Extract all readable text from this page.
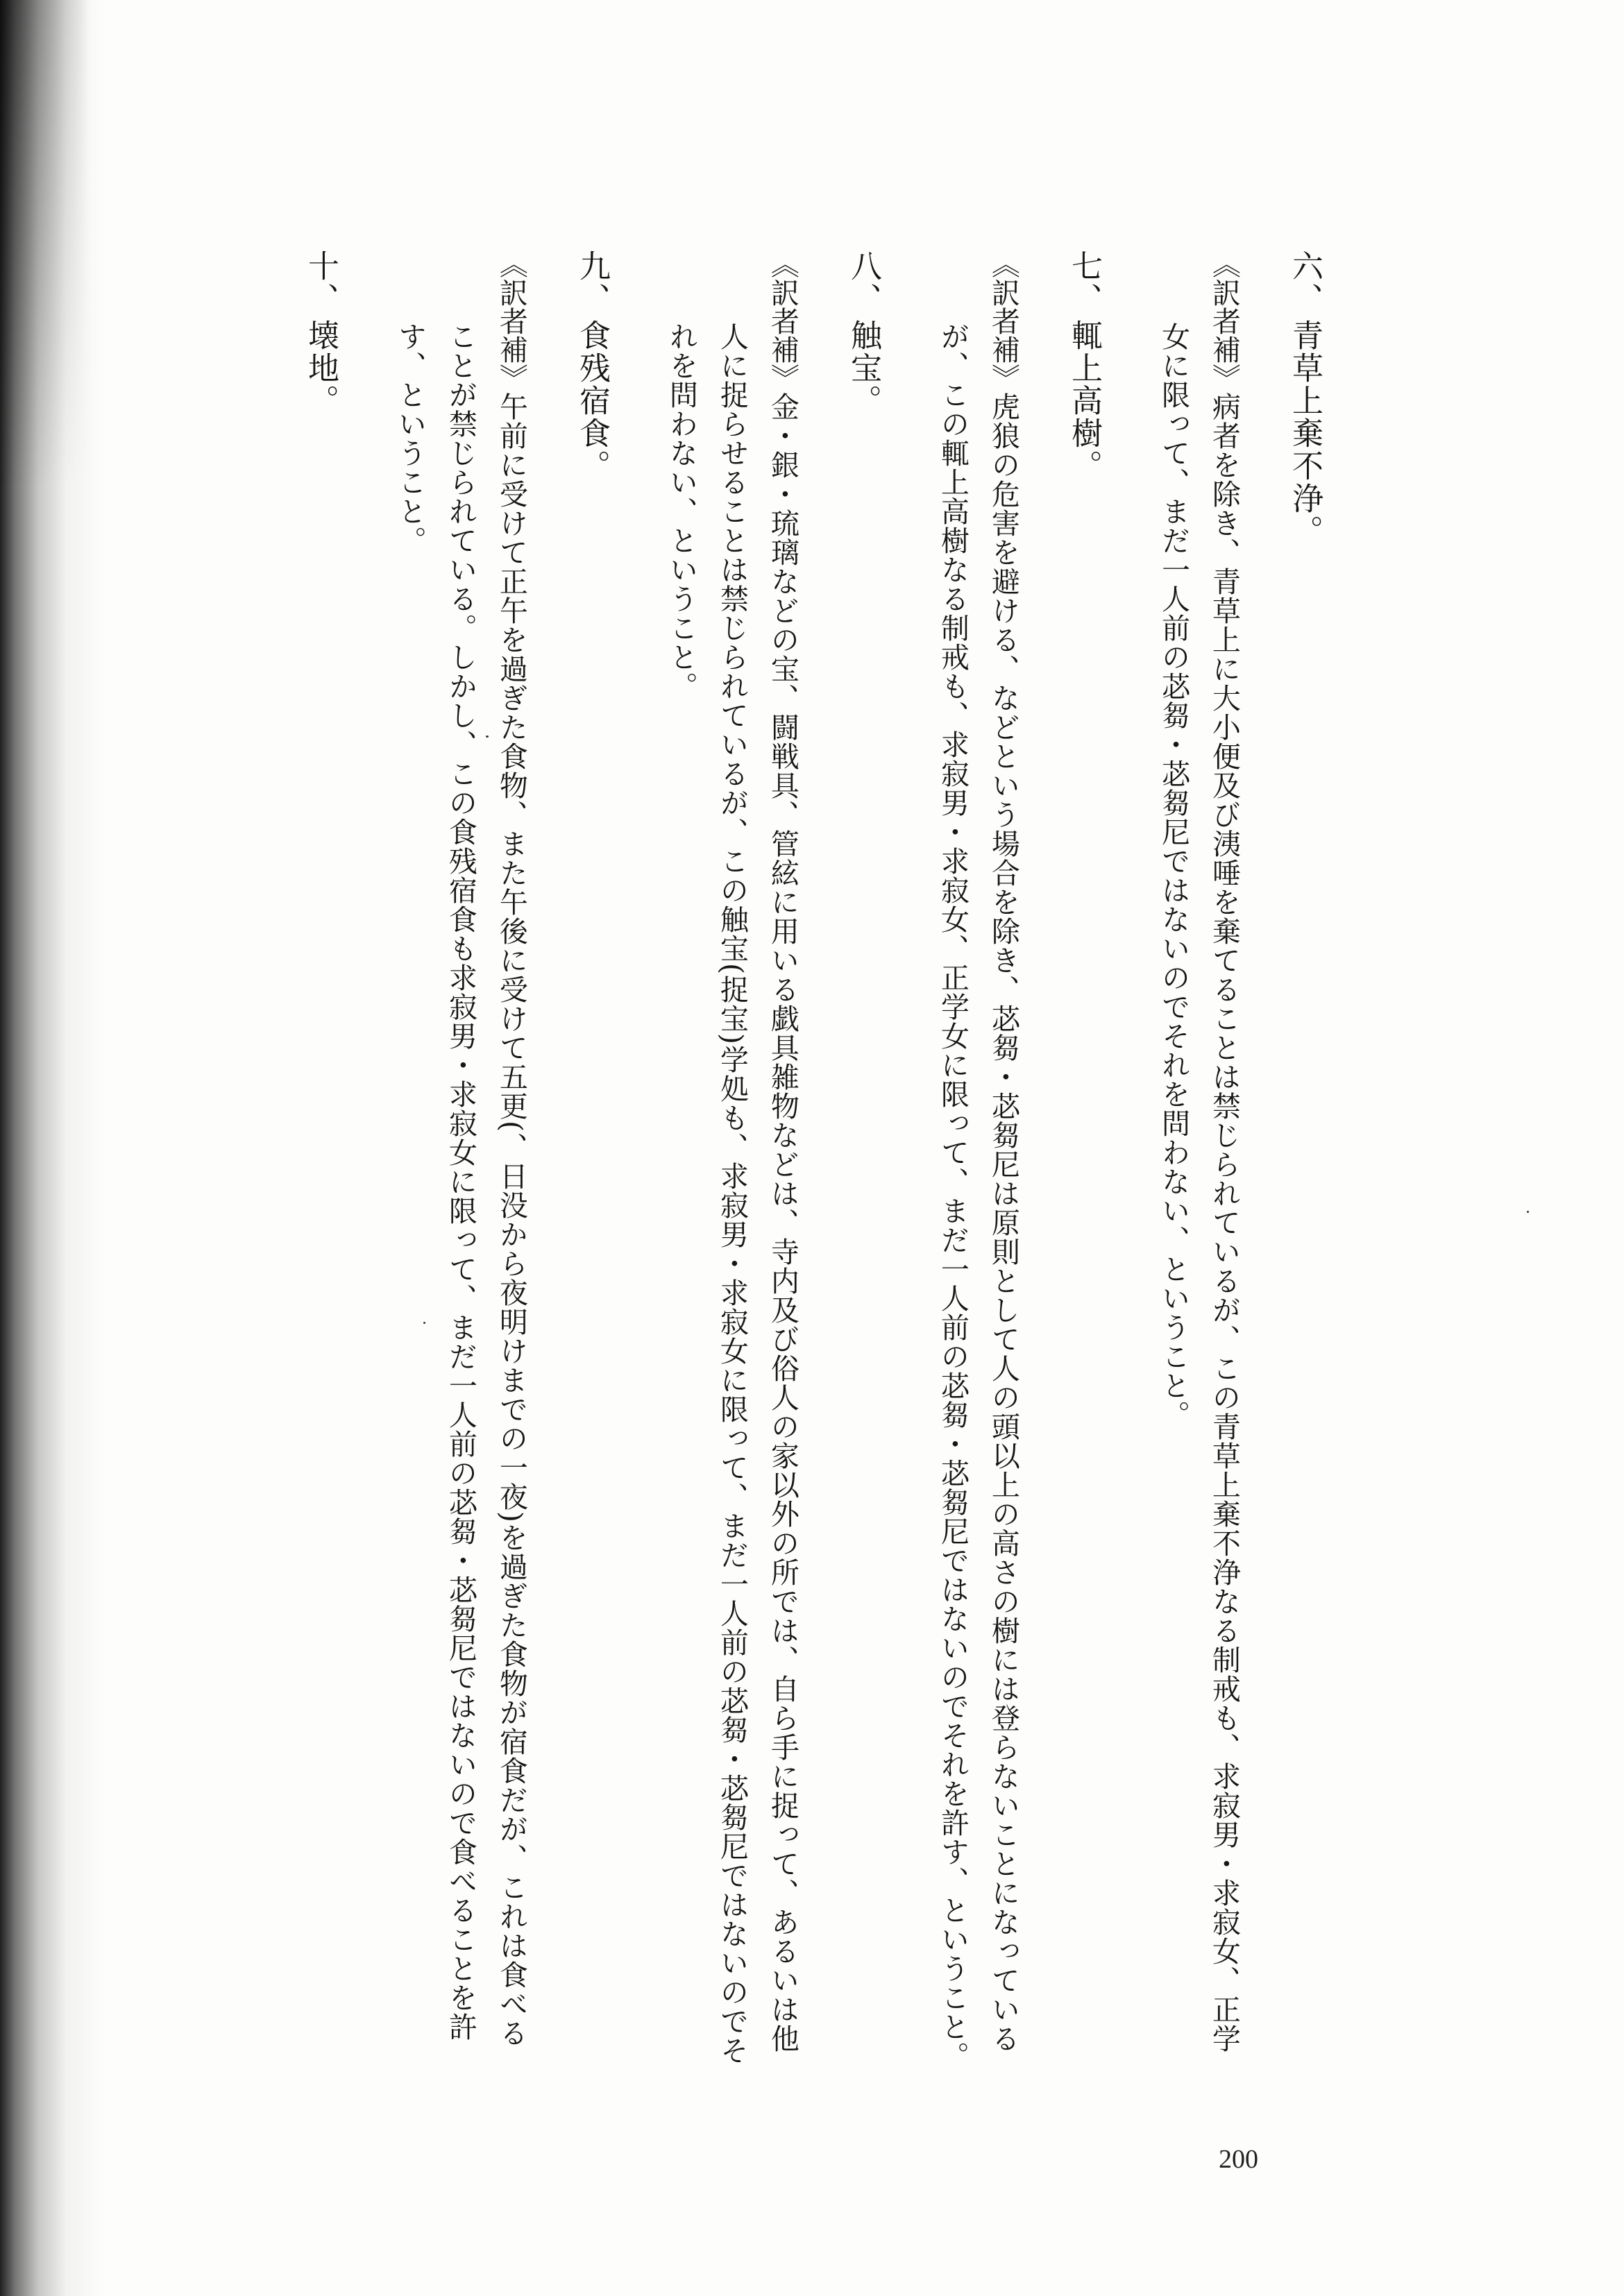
六、青草上棄不浄。

《訳者補》病者を除き、青草上に大小便及び洟唾を棄てることは禁じられているが、この青草上棄不浄なる制戒も、求寂男・求寂女、正学女に限って、まだ一人前の苾芻・苾芻尼ではないのでそれを問わない、ということ。

七、輒上高樹。

《訳者補》虎狼の危害を避ける、などという場合を除き、苾芻・苾芻尼は原則として人の頭以上の高さの樹には登らないことになっているが、この輒上高樹なる制戒も、求寂男・求寂女、正学女に限って、まだ一人前の苾芻・苾芻尼ではないのでそれを許す、ということ。

八、触宝。

《訳者補》金・銀・琉璃などの宝、闘戦具、管絃に用いる戯具雑物などは、寺内及び俗人の家以外の所では、自ら手に捉って、あるいは他人に捉らせることは禁じられているが、この触宝(捉宝)学処も、求寂男・求寂女に限って、まだ一人前の苾芻・苾芻尼ではないのでそれを問わない、ということ。

九、食残宿食。

《訳者補》午前に受けて正午を過ぎた食物、また午後に受けて五更(、日没から夜明けまでの一夜)を過ぎた食物が宿食だが、これは食べることが禁じられている。しかし、この食残宿食も求寂男・求寂女に限って、まだ一人前の苾芻・苾芻尼ではないので食べることを許す、ということ。

十、壊地。

200
